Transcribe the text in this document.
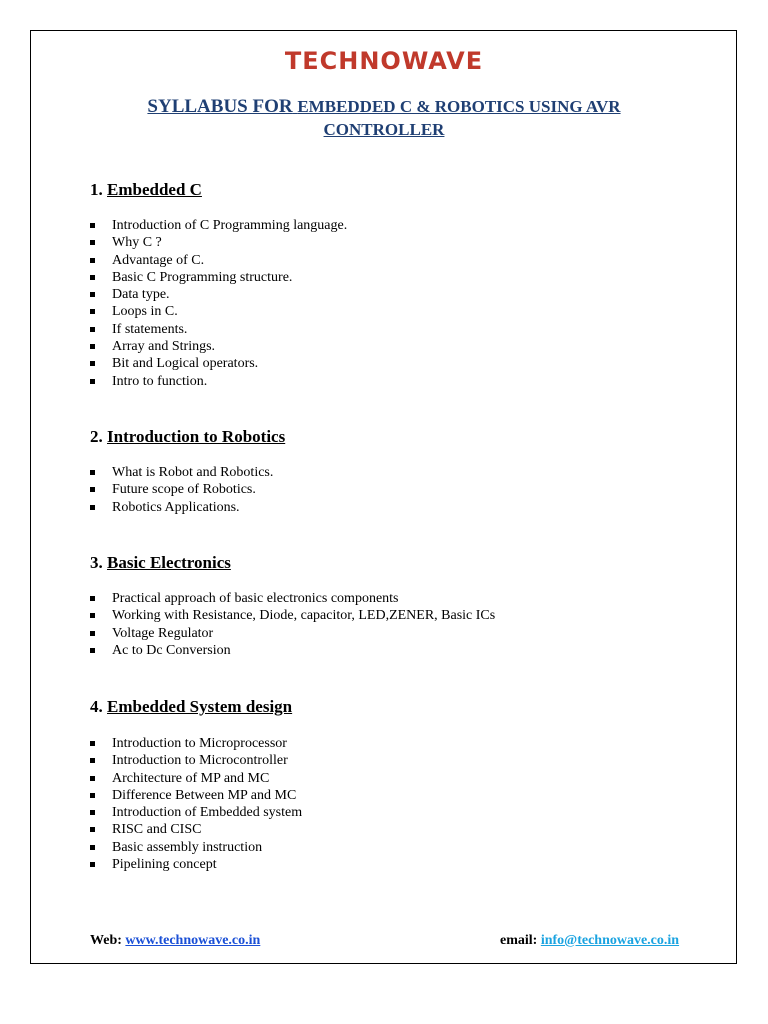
TECHNOWAVE
SYLLABUS FOR EMBEDDED C & ROBOTICS USING AVR
CONTROLLER
1. Embedded C
Introduction of C Programming language.
Why C ?
Advantage of C.
Basic C Programming structure.
Data type.
Loops in C.
If statements.
Array and Strings.
Bit and Logical operators.
Intro to function.
2. Introduction to Robotics
What is Robot and Robotics.
Future scope of Robotics.
Robotics Applications.
3. Basic Electronics
Practical approach of basic electronics components
Working with Resistance, Diode, capacitor, LED,ZENER, Basic ICs
Voltage Regulator
Ac to Dc Conversion
4. Embedded System design
Introduction to Microprocessor
Introduction to Microcontroller
Architecture of MP and MC
Difference Between MP and MC
Introduction of Embedded system
RISC and CISC
Basic assembly instruction
Pipelining concept
Web: www.technowave.co.in	email: info@technowave.co.in
